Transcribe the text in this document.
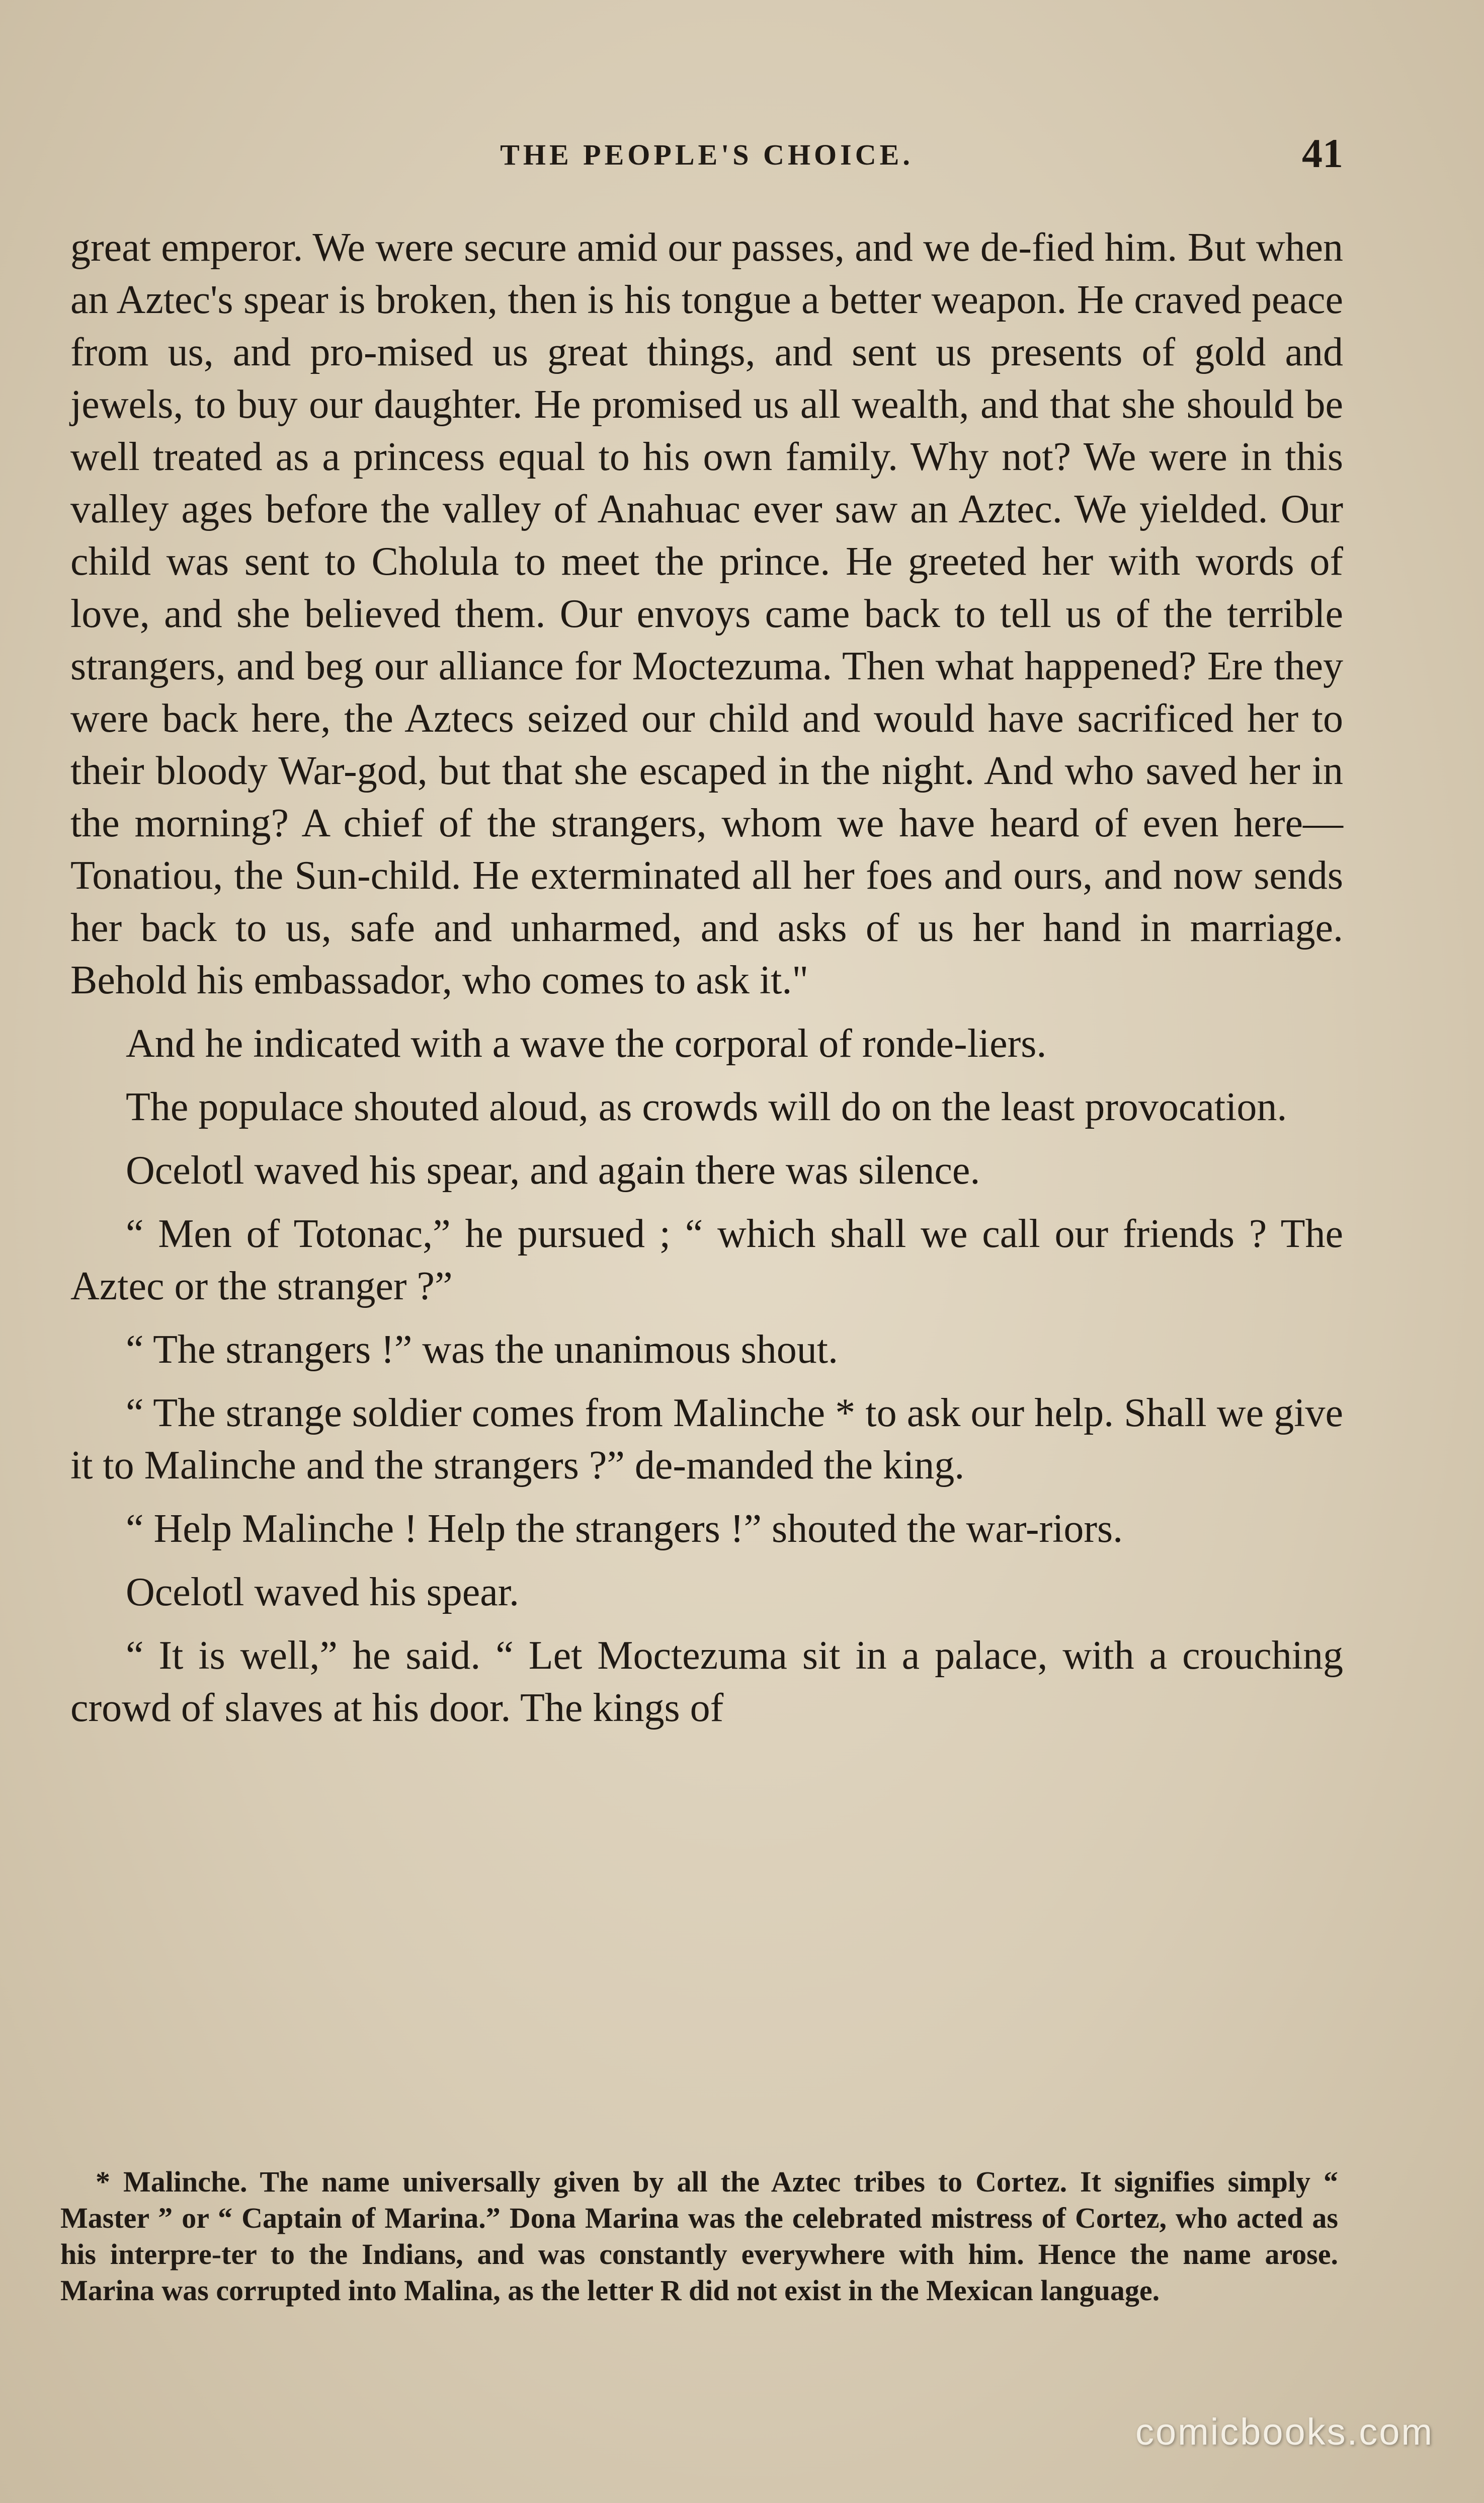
THE PEOPLE'S CHOICE.	41

great emperor. We were secure amid our passes, and we de-fied him. But when an Aztec's spear is broken, then is his tongue a better weapon. He craved peace from us, and pro-mised us great things, and sent us presents of gold and jewels, to buy our daughter. He promised us all wealth, and that she should be well treated as a princess equal to his own family. Why not? We were in this valley ages before the valley of Anahuac ever saw an Aztec. We yielded. Our child was sent to Cholula to meet the prince. He greeted her with words of love, and she believed them. Our envoys came back to tell us of the terrible strangers, and beg our alliance for Moctezuma. Then what happened? Ere they were back here, the Aztecs seized our child and would have sacrificed her to their bloody War-god, but that she escaped in the night. And who saved her in the morning? A chief of the strangers, whom we have heard of even here—Tonatiou, the Sun-child. He exterminated all her foes and ours, and now sends her back to us, safe and unharmed, and asks of us her hand in marriage. Behold his embassador, who comes to ask it."

And he indicated with a wave the corporal of ronde-liers.

The populace shouted aloud, as crowds will do on the least provocation.

Ocelotl waved his spear, and again there was silence.

“ Men of Totonac,” he pursued ; “ which shall we call our friends ? The Aztec or the stranger ?”

“ The strangers !” was the unanimous shout.

“ The strange soldier comes from Malinche * to ask our help. Shall we give it to Malinche and the strangers ?” de-manded the king.

“ Help Malinche ! Help the strangers !” shouted the war-riors.

Ocelotl waved his spear.

“ It is well,” he said. “ Let Moctezuma sit in a palace, with a crouching crowd of slaves at his door. The kings of

* Malinche. The name universally given by all the Aztec tribes to Cortez. It signifies simply “ Master ” or “ Captain of Marina.” Dona Marina was the celebrated mistress of Cortez, who acted as his interpre-ter to the Indians, and was constantly everywhere with him. Hence the name arose. Marina was corrupted into Malina, as the letter R did not exist in the Mexican language.
comicbooks.com
